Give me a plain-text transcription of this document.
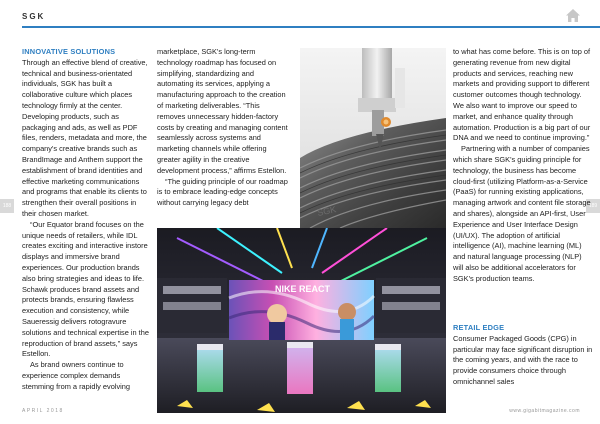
SGK
188	189
INNOVATIVE SOLUTIONS

Through an effective blend of creative, technical and business-orientated individuals, SGK has built a collaborative culture which places technology firmly at the center. Developing products, such as packaging and ads, as well as PDF files, renders, metadata and more, the company's creative brands such as BrandImage and Anthem support the establishment of brand identities and effective marketing communications and programs that enable its clients to strengthen their overall positions in their chosen market.

“Our Equator brand focuses on the unique needs of retailers, while IDL creates exciting and interactive instore displays and immersive brand experiences. Our production brands also bring strategies and ideas to life. Schawk produces brand assets and protects brands, ensuring flawless execution and consistency, while Saueressig delivers rotogravure solutions and technical expertise in the reproduction of brand assets,” says Estellon.

As brand owners continue to experience complex demands stemming from a rapidly evolving

marketplace, SGK's long-term technology roadmap has focused on simplifying, standardizing and automating its services, applying a manufacturing approach to the creation of marketing deliverables. “This removes unnecessary hidden-factory costs by creating and managing content seamlessly across systems and marketing channels while offering greater agility in the creative development process,” affirms Estellon.

“The guiding principle of our roadmap is to embrace leading-edge concepts without carrying legacy debt

to what has come before. This is on top of generating revenue from new digital products and services, reaching new markets and providing support to different customer outcomes though technology. We also want to improve our speed to market, and enhance quality through automation. Production is a big part of our DNA and we need to continue improving.”

Partnering with a number of companies which share SGK's guiding principle for technology, the business has become cloud-first (utilizing Platform-as-a-Service (PaaS) for running existing applications, managing artwork and content file storage and shares), alongside an API-first, User Experience and User Interface Design (UI/UX). The adoption of artificial intelligence (AI), machine learning (ML) and natural language processing (NLP) will also be additional accelerators for SGK's production teams.

RETAIL EDGE

Consumer Packaged Goods (CPG) in particular may face significant disruption in the coming years, and with the race to provide consumers choice through omnichannel sales

SGK
NIKE REACT
APRIL 2018	www.gigabitmagazine.com
